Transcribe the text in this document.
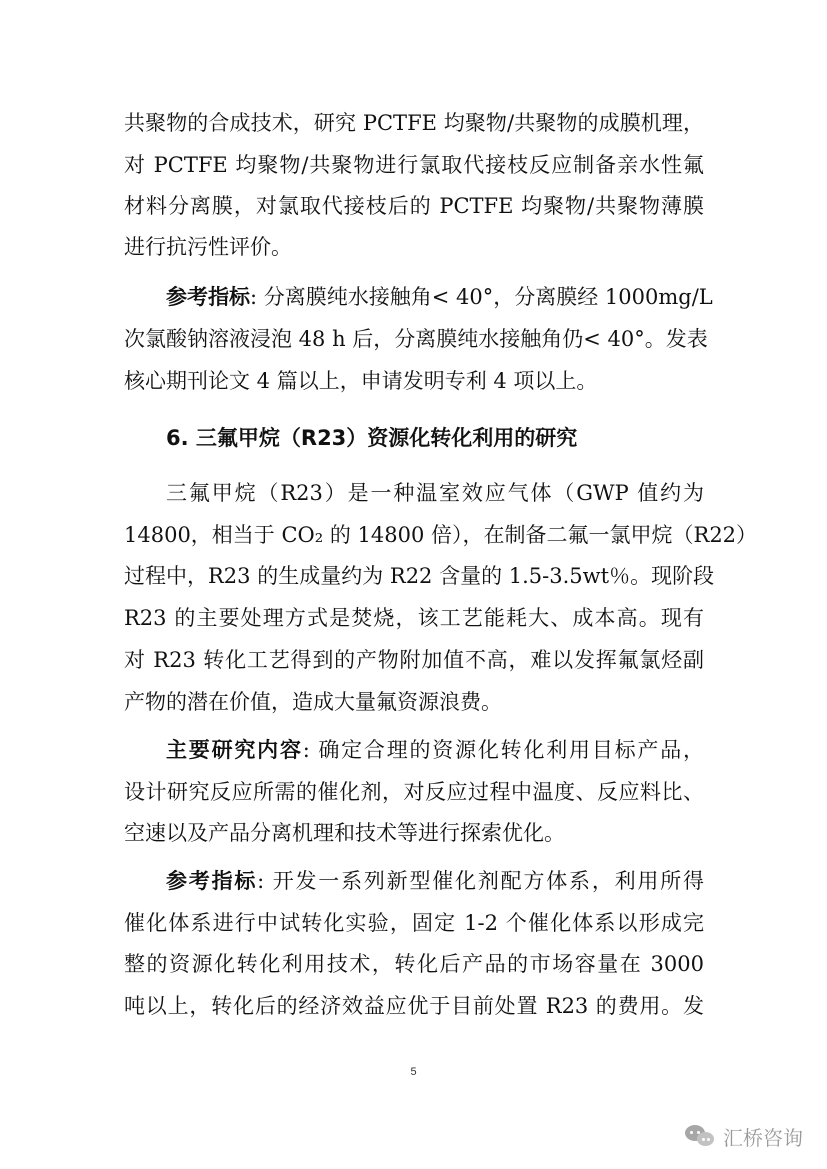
共聚物的合成技术，研究 PCTFE 均聚物/共聚物的成膜机理，
对 PCTFE 均聚物/共聚物进行氯取代接枝反应制备亲水性氟
材料分离膜，对氯取代接枝后的 PCTFE 均聚物/共聚物薄膜
进行抗污性评价。
参考指标: 分离膜纯水接触角< 40°，分离膜经 1000mg/L
次氯酸钠溶液浸泡 48 h 后，分离膜纯水接触角仍< 40°。发表
核心期刊论文 4 篇以上，申请发明专利 4 项以上。
6. 三氟甲烷（R23）资源化转化利用的研究
三氟甲烷（R23）是一种温室效应气体（GWP 值约为
14800，相当于 CO₂ 的 14800 倍），在制备二氟一氯甲烷（R22）
过程中，R23 的生成量约为 R22 含量的 1.5-3.5wt％。现阶段
R23 的主要处理方式是焚烧，该工艺能耗大、成本高。现有
对 R23 转化工艺得到的产物附加值不高，难以发挥氟氯烃副
产物的潜在价值，造成大量氟资源浪费。
主要研究内容: 确定合理的资源化转化利用目标产品，
设计研究反应所需的催化剂，对反应过程中温度、反应料比、
空速以及产品分离机理和技术等进行探索优化。
参考指标: 开发一系列新型催化剂配方体系，利用所得
催化体系进行中试转化实验，固定 1-2 个催化体系以形成完
整的资源化转化利用技术，转化后产品的市场容量在 3000
吨以上，转化后的经济效益应优于目前处置 R23 的费用。发
5
汇桥咨询
